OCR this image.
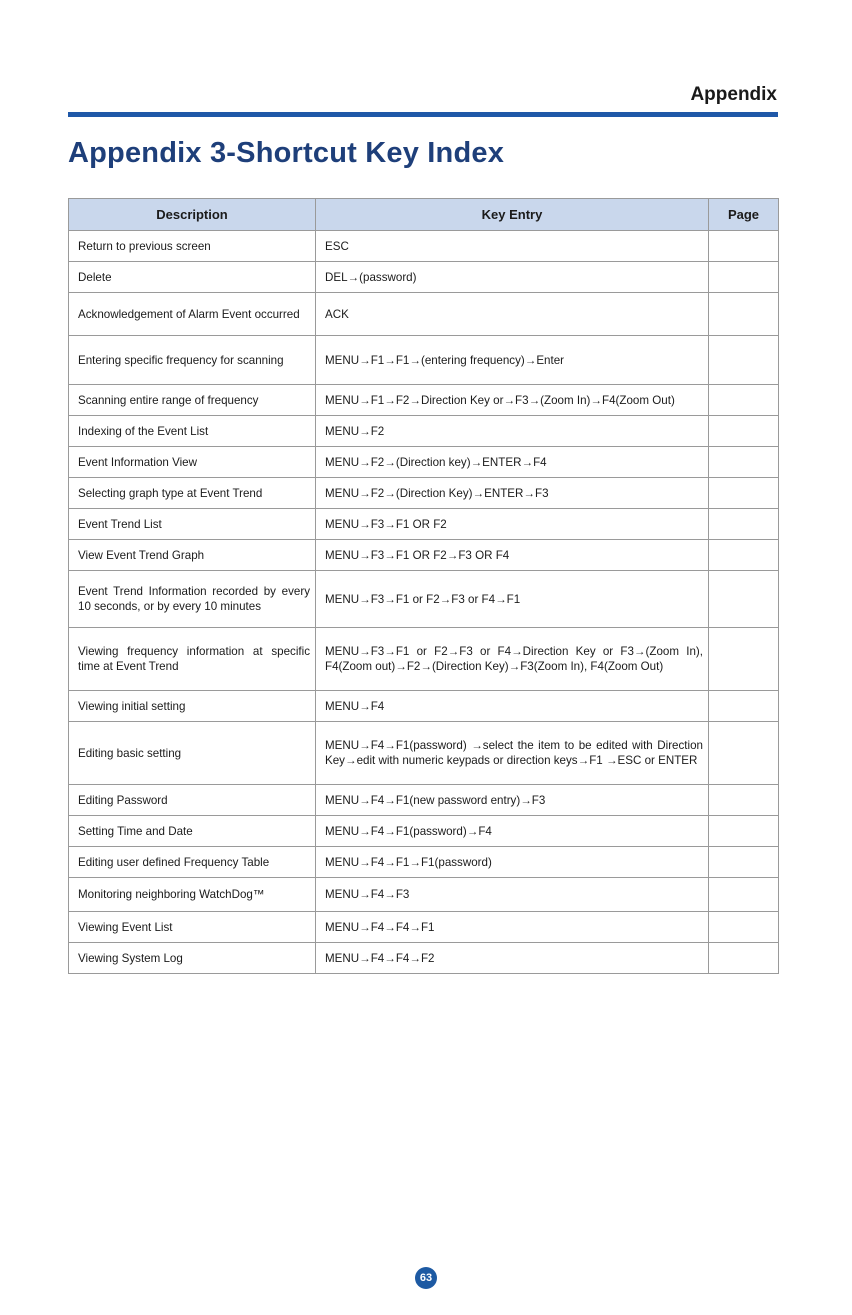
Appendix
Appendix 3-Shortcut Key Index
Description	Key Entry	Page
Return to previous screen	ESC	
Delete	DEL→(password)	
Acknowledgement of Alarm Event occurred	ACK	
Entering specific frequency for scanning	MENU→F1→F1→(entering frequency)→Enter	
Scanning entire range of frequency	MENU→F1→F2→Direction Key or→F3→(Zoom In)→F4(Zoom Out)	
Indexing of the Event List	MENU→F2	
Event Information View	MENU→F2→(Direction key)→ENTER→F4	
Selecting graph type at Event Trend	MENU→F2→(Direction Key)→ENTER→F3	
Event Trend List	MENU→F3→F1 OR F2	
View Event Trend Graph	MENU→F3→F1 OR F2→F3 OR F4	
Event Trend Information recorded by every 10 seconds, or by every 10 minutes	MENU→F3→F1 or F2→F3 or F4→F1	
Viewing frequency information at specific time at Event Trend	MENU→F3→F1 or F2→F3 or F4→Direction Key or F3→(Zoom In), F4(Zoom out)→F2→(Direction Key)→F3(Zoom In), F4(Zoom Out)	
Viewing initial setting	MENU→F4	
Editing basic setting	MENU→F4→F1(password) →select the item to be edited with Direction Key→edit with numeric keypads or direction keys→F1 →ESC or ENTER	
Editing Password	MENU→F4→F1(new password entry)→F3	
Setting Time and Date	MENU→F4→F1(password)→F4	
Editing user defined Frequency Table	MENU→F4→F1→F1(password)	
Monitoring neighboring WatchDog™	MENU→F4→F3	
Viewing Event List	MENU→F4→F4→F1	
Viewing System Log	MENU→F4→F4→F2	
63
